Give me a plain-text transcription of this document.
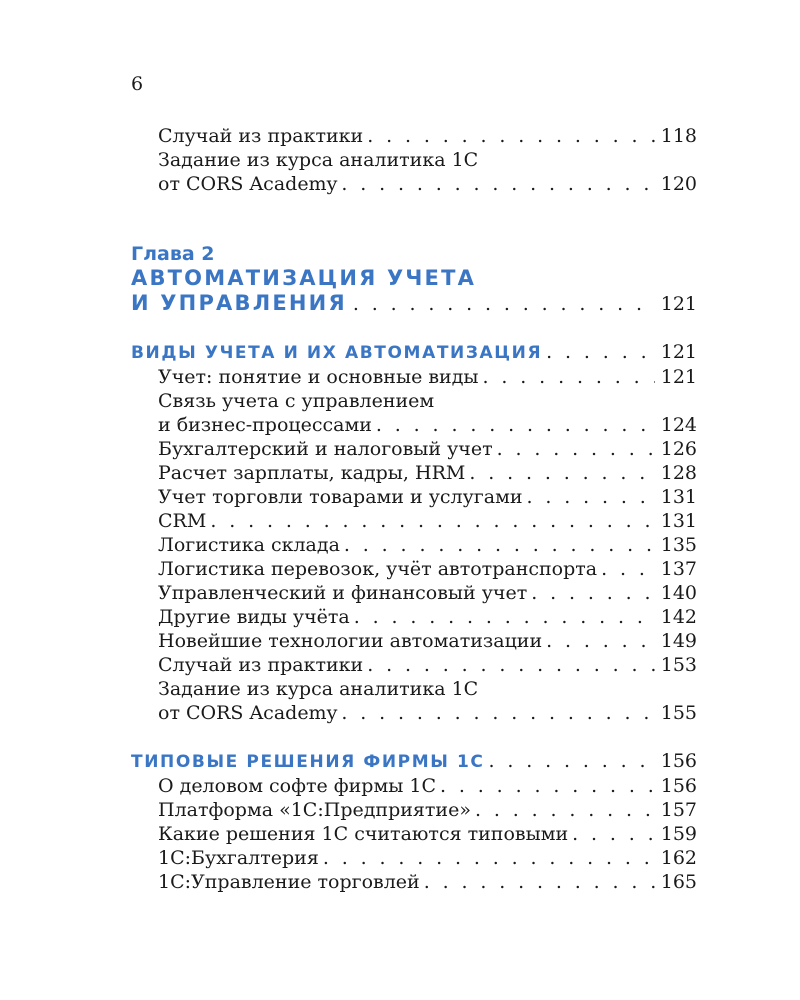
6
Случай из практики . . .	118
Задание из курса аналитика 1С
от CORS Academy . . .	120
Глава 2
АВТОМАТИЗАЦИЯ УЧЕТА
И УПРАВЛЕНИЯ . . .	121
ВИДЫ УЧЕТА И ИХ АВТОМАТИЗАЦИЯ . . .	121
Учет: понятие и основные виды . . .	121
Связь учета с управлением
и бизнес-процессами . . .	124
Бухгалтерский и налоговый учет . . .	126
Расчет зарплаты, кадры, HRM . . .	128
Учет торговли товарами и услугами . . .	131
CRM . . .	131
Логистика склада . . .	135
Логистика перевозок, учёт автотранспорта . . .	137
Управленческий и финансовый учет . . .	140
Другие виды учёта . . .	142
Новейшие технологии автоматизации . . .	149
Случай из практики . . .	153
Задание из курса аналитика 1С
от CORS Academy . . .	155
ТИПОВЫЕ РЕШЕНИЯ ФИРМЫ 1С . . .	156
О деловом софте фирмы 1С . . .	156
Платформа «1С:Предприятие» . . .	157
Какие решения 1С считаются типовыми . . .	159
1С:Бухгалтерия . . .	162
1С:Управление торговлей . . .	165
